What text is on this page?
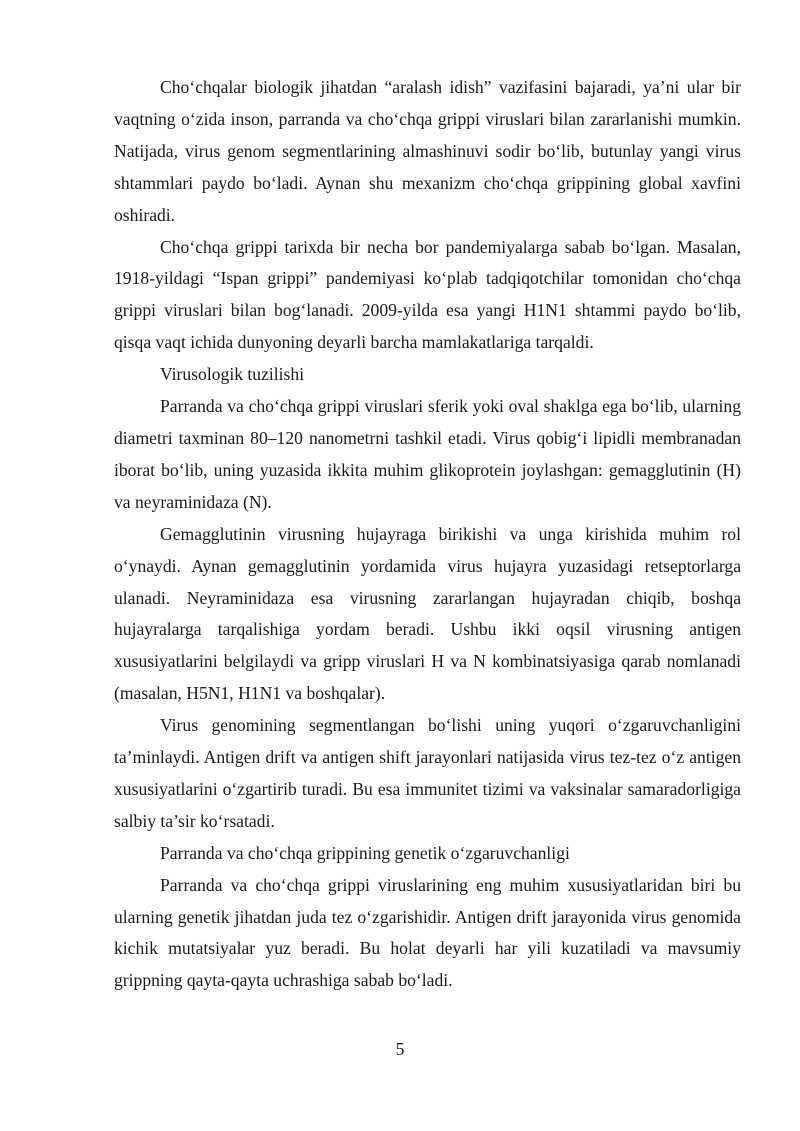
Cho‘chqalar biologik jihatdan “aralash idish” vazifasini bajaradi, ya’ni ular bir vaqtning o‘zida inson, parranda va cho‘chqa grippi viruslari bilan zararlanishi mumkin. Natijada, virus genom segmentlarining almashinuvi sodir bo‘lib, butunlay yangi virus shtammlari paydo bo‘ladi. Aynan shu mexanizm cho‘chqa grippining global xavfini oshiradi.

Cho‘chqa grippi tarixda bir necha bor pandemiyalarga sabab bo‘lgan. Masalan, 1918-yildagi “Ispan grippi” pandemiyasi ko‘plab tadqiqotchilar tomonidan cho‘chqa grippi viruslari bilan bog‘lanadi. 2009-yilda esa yangi H1N1 shtammi paydo bo‘lib, qisqa vaqt ichida dunyoning deyarli barcha mamlakatlariga tarqaldi.

Virusologik tuzilishi

Parranda va cho‘chqa grippi viruslari sferik yoki oval shaklga ega bo‘lib, ularning diametri taxminan 80–120 nanometrni tashkil etadi. Virus qobig‘i lipidli membranadan iborat bo‘lib, uning yuzasida ikkita muhim glikoprotein joylashgan: gemagglutinin (H) va neyraminidaza (N).

Gemagglutinin virusning hujayraga birikishi va unga kirishida muhim rol o‘ynaydi. Aynan gemagglutinin yordamida virus hujayra yuzasidagi retseptorlarga ulanadi. Neyraminidaza esa virusning zararlangan hujayradan chiqib, boshqa hujayralarga tarqalishiga yordam beradi. Ushbu ikki oqsil virusning antigen xususiyatlarini belgilaydi va gripp viruslari H va N kombinatsiyasiga qarab nomlanadi (masalan, H5N1, H1N1 va boshqalar).

Virus genomining segmentlangan bo‘lishi uning yuqori o‘zgaruvchanligini ta’minlaydi. Antigen drift va antigen shift jarayonlari natijasida virus tez-tez o‘z antigen xususiyatlarini o‘zgartirib turadi. Bu esa immunitet tizimi va vaksinalar samaradorligiga salbiy ta’sir ko‘rsatadi.

Parranda va cho‘chqa grippining genetik o‘zgaruvchanligi

Parranda va cho‘chqa grippi viruslarining eng muhim xususiyatlaridan biri bu ularning genetik jihatdan juda tez o‘zgarishidir. Antigen drift jarayonida virus genomida kichik mutatsiyalar yuz beradi. Bu holat deyarli har yili kuzatiladi va mavsumiy grippning qayta-qayta uchrashiga sabab bo‘ladi.

5
